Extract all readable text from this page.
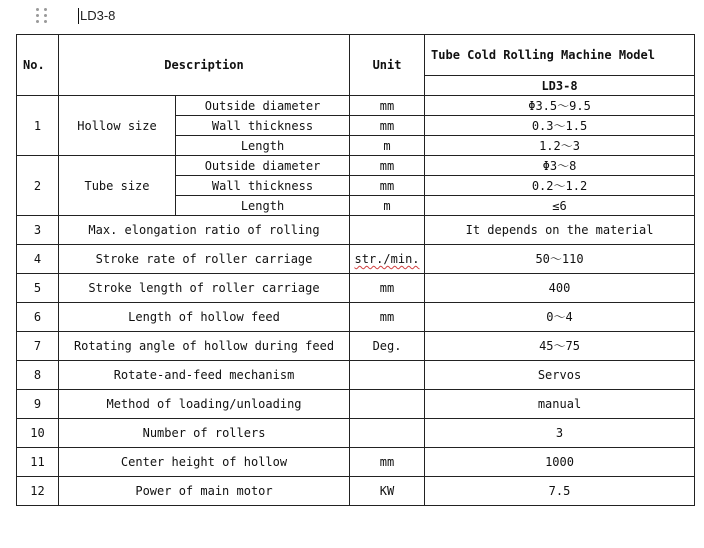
LD3-8
No.	Description		Unit	Tube Cold Rolling Machine Model
				LD3-8
1	Hollow size	Outside diameter	mm	Φ3.5～9.5
		Wall thickness	mm	0.3～1.5
		Length	m	1.2～3
2	Tube size	Outside diameter	mm	Φ3～8
		Wall thickness	mm	0.2～1.2
		Length	m	≤6
3	Max. elongation ratio of rolling			It depends on the material
4	Stroke rate of roller carriage		str./min.	50～110
5	Stroke length of roller carriage		mm	400
6	Length of hollow feed		mm	0～4
7	Rotating angle of hollow during feed		Deg.	45～75
8	Rotate-and-feed mechanism			Servos
9	Method of loading/unloading			manual
10	Number of rollers			3
11	Center height of hollow		mm	1000
12	Power of main motor		KW	7.5
